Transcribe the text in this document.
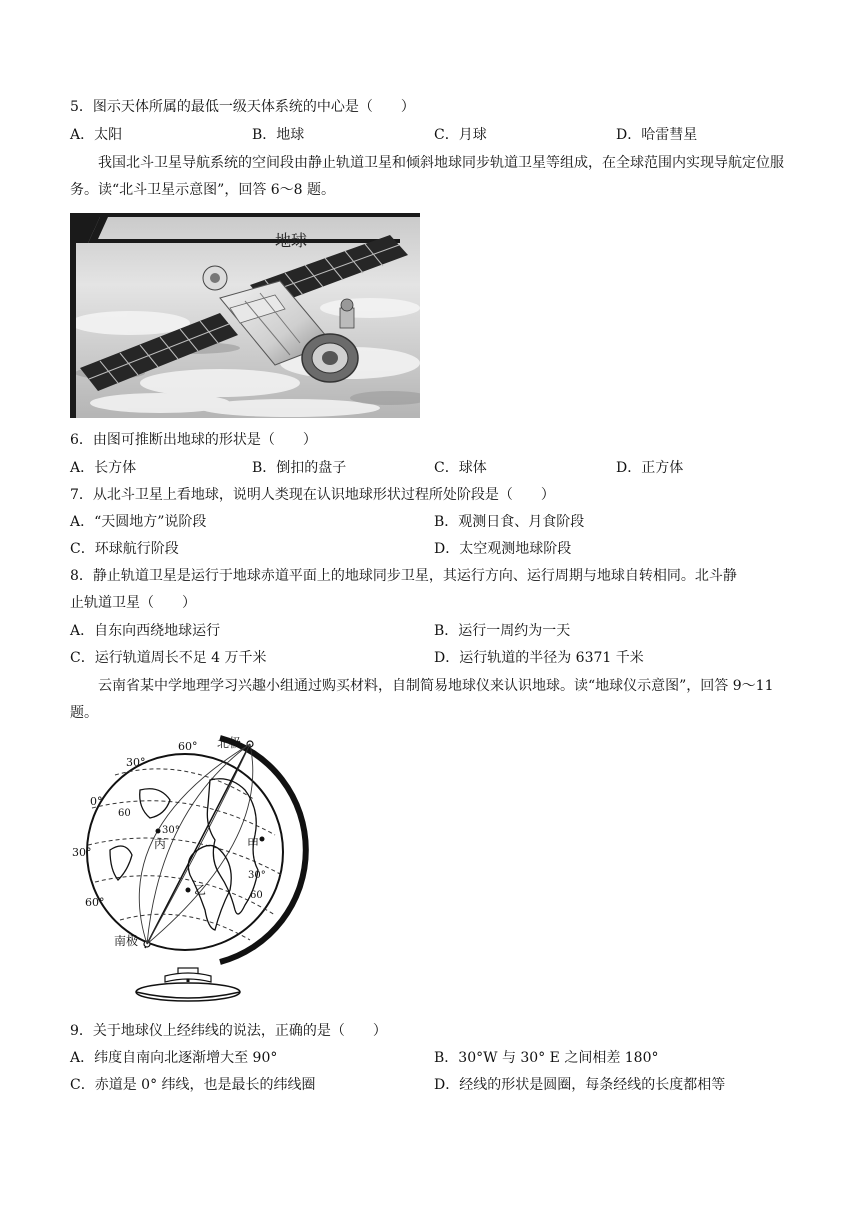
5．图示天体所属的最低一级天体系统的中心是（　　）
A．太阳	B．地球	C．月球	D．哈雷彗星
我国北斗卫星导航系统的空间段由静止轨道卫星和倾斜地球同步轨道卫星等组成，在全球范围内实现导航定位服务。读“北斗卫星示意图”，回答 6～8 题。
地球
6．由图可推断出地球的形状是（　　）
A．长方体	B．倒扣的盘子	C．球体	D．正方体
7．从北斗卫星上看地球，说明人类现在认识地球形状过程所处阶段是（　　）
A．“天圆地方”说阶段	B．观测日食、月食阶段
C．环球航行阶段	D．太空观测地球阶段
8．静止轨道卫星是运行于地球赤道平面上的地球同步卫星，其运行方向、运行周期与地球自转相同。北斗静
止轨道卫星（　　）
A．自东向西绕地球运行	B．运行一周约为一天
C．运行轨道周长不足 4 万千米	D．运行轨道的半径为 6371 千米
云南省某中学地理学习兴趣小组通过购买材料，自制简易地球仪来认识地球。读“地球仪示意图”，回答 9～11 题。
60°
30°
0°
30°
60°
60
30°
30°
60
北极
南极
丙	甲
乙
9．关于地球仪上经纬线的说法，正确的是（　　）
A．纬度自南向北逐渐增大至 90°	B．30°W 与 30° E 之间相差 180°
C．赤道是 0° 纬线，也是最长的纬线圈	D．经线的形状是圆圈，每条经线的长度都相等
